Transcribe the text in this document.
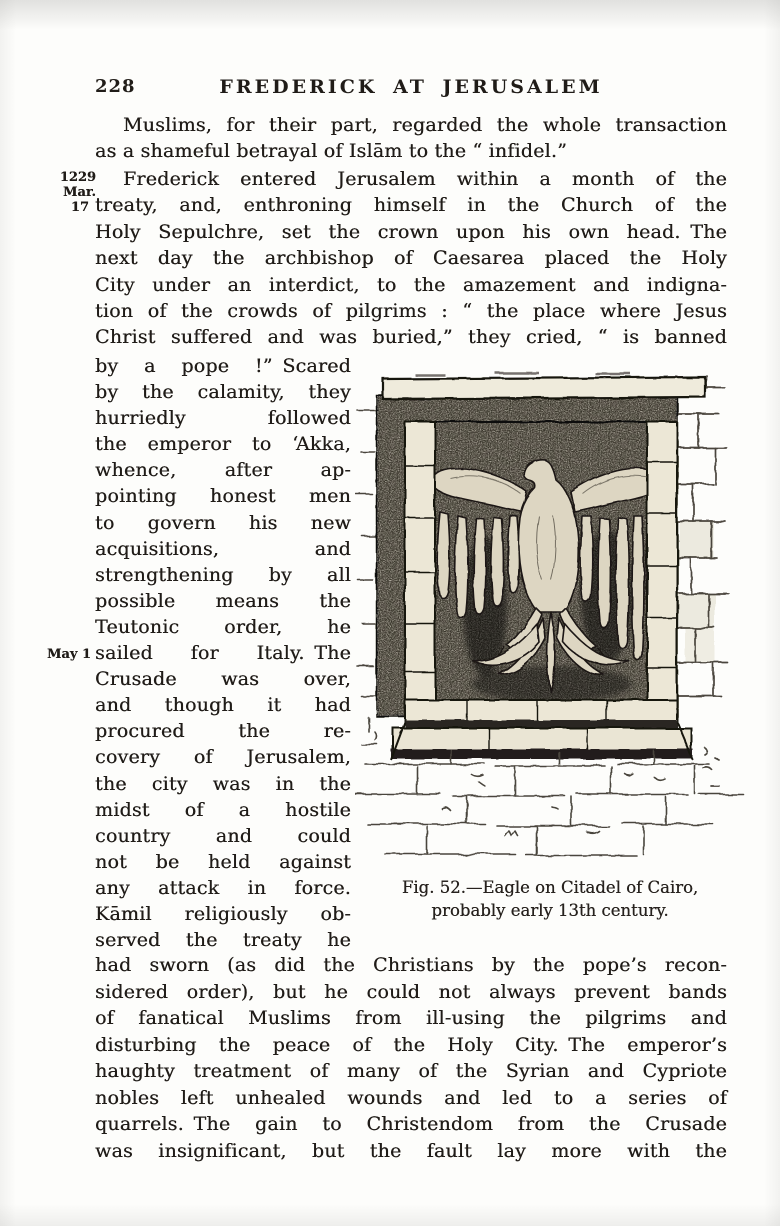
228	FREDERICK AT JERUSALEM
1229
Mar.
17
May 1
Muslims, for their part, regarded the whole transaction
as a shameful betrayal of Islām to the “ infidel.”
Frederick entered Jerusalem within a month of the
treaty, and, enthroning himself in the Church of the
Holy Sepulchre, set the crown upon his own head. The
next day the archbishop of Caesarea placed the Holy
City under an interdict, to the amazement and indigna-
tion of the crowds of pilgrims : “ the place where Jesus
Christ suffered and was buried,” they cried, “ is banned
by a pope !” Scared
by the calamity, they
hurriedly followed
the emperor to ‘Akka,
whence, after ap-
pointing honest men
to govern his new
acquisitions, and
strengthening by all
possible means the
Teutonic order, he
sailed for Italy. The
Crusade was over,
and though it had
procured the re-
covery of Jerusalem,
the city was in the
midst of a hostile
country and could
not be held against
any attack in force.
Kāmil religiously ob-
served the treaty he
had sworn (as did the Christians by the pope’s recon-
sidered order), but he could not always prevent bands
of fanatical Muslims from ill-using the pilgrims and
disturbing the peace of the Holy City. The emperor’s
haughty treatment of many of the Syrian and Cypriote
nobles left unhealed wounds and led to a series of
quarrels. The gain to Christendom from the Crusade
was insignificant, but the fault lay more with the
Fig. 52.—Eagle on Citadel of Cairo,
probably early 13th century.
